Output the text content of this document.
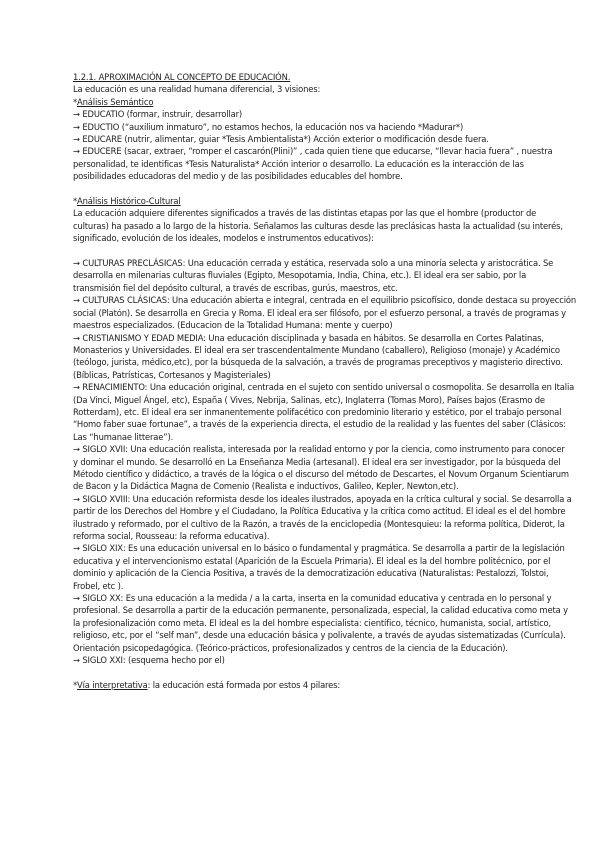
1.2.1. APROXIMACIÓN AL CONCEPTO DE EDUCACIÓN.
La educación es una realidad humana diferencial, 3 visiones:
*Análisis Semántico
→ EDUCATIO (formar, instruir, desarrollar)
→ EDUCTIO (“auxilium inmaturo”, no estamos hechos, la educación nos va haciendo *Madurar*)
→ EDUCARE (nutrir, alimentar, guiar *Tesis Ambientalista*) Acción exterior o modificación desde fuera.
→ EDUCERE (sacar, extraer, “romper el cascarón(Plini)” , cada quien tiene que educarse, “llevar hacia fuera” , nuestra
personalidad, te identificas *Tesis Naturalista* Acción interior o desarrollo. La educación es la interacción de las
posibilidades educadoras del medio y de las posibilidades educables del hombre.
*Análisis Histórico-Cultural
La educación adquiere diferentes significados a través de las distintas etapas por las que el hombre (productor de
culturas) ha pasado a lo largo de la historia. Señalamos las culturas desde las preclásicas hasta la actualidad (su interés,
significado, evolución de los ideales, modelos e instrumentos educativos):
→ CULTURAS PRECLÁSICAS: Una educación cerrada y estática, reservada solo a una minoría selecta y aristocrática. Se
desarrolla en milenarias culturas fluviales (Egipto, Mesopotamia, India, China, etc.). El ideal era ser sabio, por la
transmisión fiel del depósito cultural, a través de escribas, gurús, maestros, etc.
→ CULTURAS CLÁSICAS: Una educación abierta e integral, centrada en el equilibrio psicofísico, donde destaca su proyección
social (Platón). Se desarrolla en Grecia y Roma. El ideal era ser filósofo, por el esfuerzo personal, a través de programas y
maestros especializados. (Educacion de la Totalidad Humana: mente y cuerpo)
→ CRISTIANISMO Y EDAD MEDIA: Una educación disciplinada y basada en hábitos. Se desarrolla en Cortes Palatinas,
Monasterios y Universidades. El ideal era ser trascendentalmente Mundano (caballero), Religioso (monaje) y Académico
(teólogo, jurista, médico,etc), por la búsqueda de la salvación, a través de programas preceptivos y magisterio directivo.
(Bíblicas, Patrísticas, Cortesanos y Magisteriales)
→ RENACIMIENTO: Una educación original, centrada en el sujeto con sentido universal o cosmopolita. Se desarrolla en Italia
(Da Vinci, Miguel Ángel, etc), España ( Vives, Nebrija, Salinas, etc), Inglaterra (Tomas Moro), Países bajos (Erasmo de
Rotterdam), etc. El ideal era ser inmanentemente polifacético con predominio literario y estético, por el trabajo personal
“Homo faber suae fortunae”, a través de la experiencia directa, el estudio de la realidad y las fuentes del saber (Clásicos:
Las “humanae litterae”).
→ SIGLO XVII: Una educación realista, interesada por la realidad entorno y por la ciencia, como instrumento para conocer
y dominar el mundo. Se desarrolló en La Enseñanza Media (artesanal). El ideal era ser investigador, por la búsqueda del
Método científico y didáctico, a través de la lógica o el discurso del método de Descartes, el Novum Organum Scientiarum
de Bacon y la Didáctica Magna de Comenio (Realista e inductivos, Galileo, Kepler, Newton,etc).
→ SIGLO XVIII: Una educación reformista desde los ideales ilustrados, apoyada en la crítica cultural y social. Se desarrolla a
partir de los Derechos del Hombre y el Ciudadano, la Política Educativa y la crítica como actitud. El ideal es el del hombre
ilustrado y reformado, por el cultivo de la Razón, a través de la enciclopedia (Montesquieu: la reforma política, Diderot, la
reforma social, Rousseau: la reforma educativa).
→ SIGLO XIX: Es una educación universal en lo básico o fundamental y pragmática. Se desarrolla a partir de la legislación
educativa y el intervencionismo estatal (Aparición de la Escuela Primaria). El ideal es la del hombre politécnico, por el
dominio y aplicación de la Ciencia Positiva, a través de la democratización educativa (Naturalistas: Pestalozzi, Tolstoi,
Frobel, etc ).
→ SIGLO XX: Es una educación a la medida / a la carta, inserta en la comunidad educativa y centrada en lo personal y
profesional. Se desarrolla a partir de la educación permanente, personalizada, especial, la calidad educativa como meta y
la profesionalización como meta. El ideal es la del hombre especialista: científico, técnico, humanista, social, artístico,
religioso, etc, por el “self man”, desde una educación básica y polivalente, a través de ayudas sistematizadas (Currícula).
Orientación psicopedagógica. (Teórico-prácticos, profesionalizados y centros de la ciencia de la Educación).
→ SIGLO XXI: (esquema hecho por el)
*Vía interpretativa: la educación está formada por estos 4 pilares:
